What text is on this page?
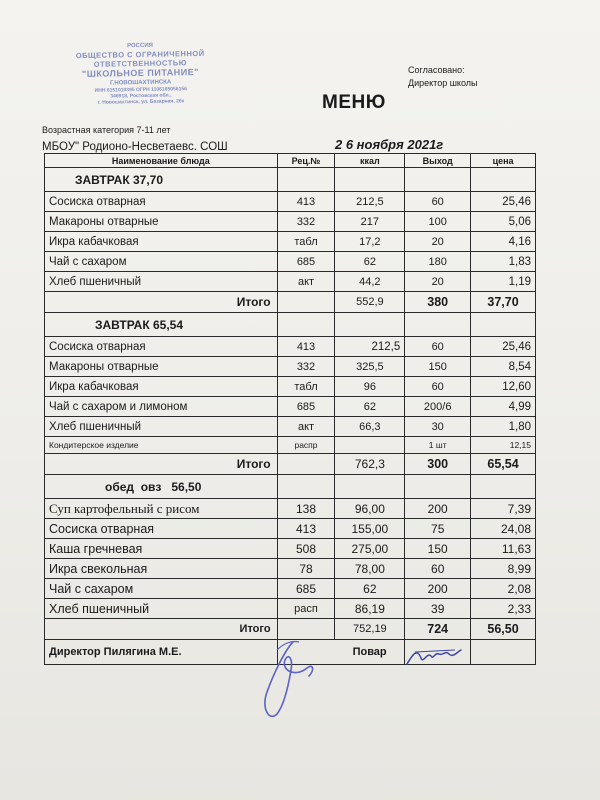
РОССИЯ
ОБЩЕСТВО С ОГРАНИЧЕННОЙ
ОТВЕТСТВЕННОСТЬЮ
"ШКОЛЬНОЕ ПИТАНИЕ"
Г.НОВОШАХТИНСКА
ИНН 6151010395 ОГРН 1106165056156
346918, Ростовская обл.,
г. Новошахтинск, ул. Базарная, 26к
Возрастная категория 7-11 лет
Согласовано:
Директор школы
МЕНЮ
МБОУ" Родионо-Несветаевс. СОШ	2 6 ноября 2021г
Наименование блюда	Рец.№	ккал	Выход	цена
ЗАВТРАК 37,70				
Сосиска отварная	413	212,5	60	25,46
Макароны отварные	332	217	100	5,06
Икра кабачковая	табл	17,2	20	4,16
Чай с сахаром	685	62	180	1,83
Хлеб пшеничный	акт	44,2	20	1,19
Итого		552,9	380	37,70
ЗАВТРАК 65,54				
Сосиска отварная	413	212,5	60	25,46
Макароны отварные	332	325,5	150	8,54
Икра кабачковая	табл	96	60	12,60
Чай с сахаром и лимоном	685	62	200/6	4,99
Хлеб пшеничный	акт	66,3	30	1,80
Кондитерское изделие	распр		1 шт	12,15
Итого		762,3	300	65,54
обед  овз   56,50				
Суп картофельный с рисом	138	96,00	200	7,39
Сосиска отварная	413	155,00	75	24,08
Каша гречневая	508	275,00	150	11,63
Икра свекольная	78	78,00	60	8,99
Чай с сахаром	685	62	200	2,08
Хлеб пшеничный	расп	86,19	39	2,33
Итого		752,19	724	56,50
Директор Пилягина М.Е.		Повар		
